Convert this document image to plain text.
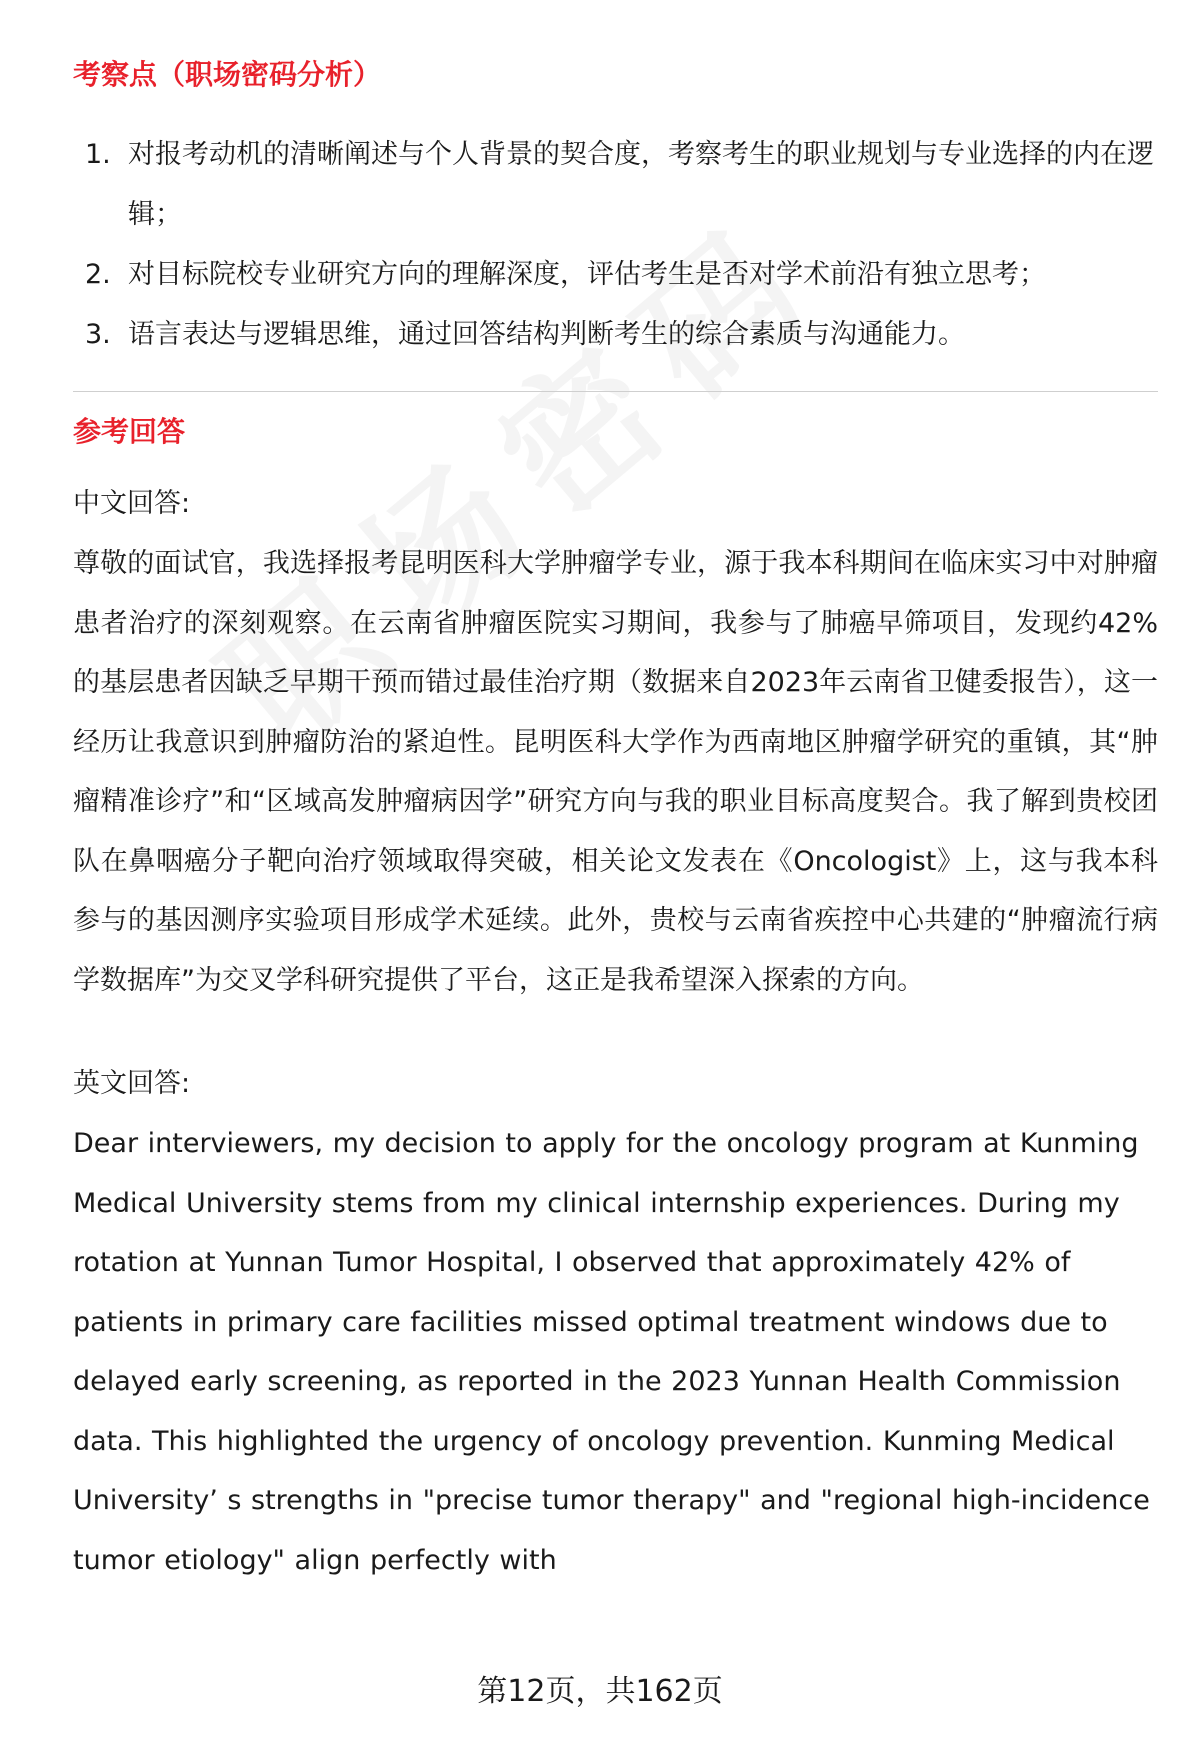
考察点（职场密码分析）
1. 对报考动机的清晰阐述与个人背景的契合度，考察考生的职业规划与专业选择的内在逻辑；
2. 对目标院校专业研究方向的理解深度，评估考生是否对学术前沿有独立思考；
3. 语言表达与逻辑思维，通过回答结构判断考生的综合素质与沟通能力。
参考回答
中文回答:

尊敬的面试官，我选择报考昆明医科大学肿瘤学专业，源于我本科期间在临床实习中对肿瘤患者治疗的深刻观察。在云南省肿瘤医院实习期间，我参与了肺癌早筛项目，发现约42%的基层患者因缺乏早期干预而错过最佳治疗期（数据来自2023年云南省卫健委报告），这一经历让我意识到肿瘤防治的紧迫性。昆明医科大学作为西南地区肿瘤学研究的重镇，其“肿瘤精准诊疗”和“区域高发肿瘤病因学”研究方向与我的职业目标高度契合。我了解到贵校团队在鼻咽癌分子靶向治疗领域取得突破，相关论文发表在《Oncologist》上，这与我本科参与的基因测序实验项目形成学术延续。此外，贵校与云南省疾控中心共建的“肿瘤流行病学数据库”为交叉学科研究提供了平台，这正是我希望深入探索的方向。

英文回答:

Dear interviewers, my decision to apply for the oncology program at Kunming Medical University stems from my clinical internship experiences. During my rotation at Yunnan Tumor Hospital, I observed that approximately 42% of patients in primary care facilities missed optimal treatment windows due to delayed early screening, as reported in the 2023 Yunnan Health Commission data. This highlighted the urgency of oncology prevention. Kunming Medical University’ s strengths in "precise tumor therapy" and "regional high-incidence tumor etiology" align perfectly with

第12页，共162页
